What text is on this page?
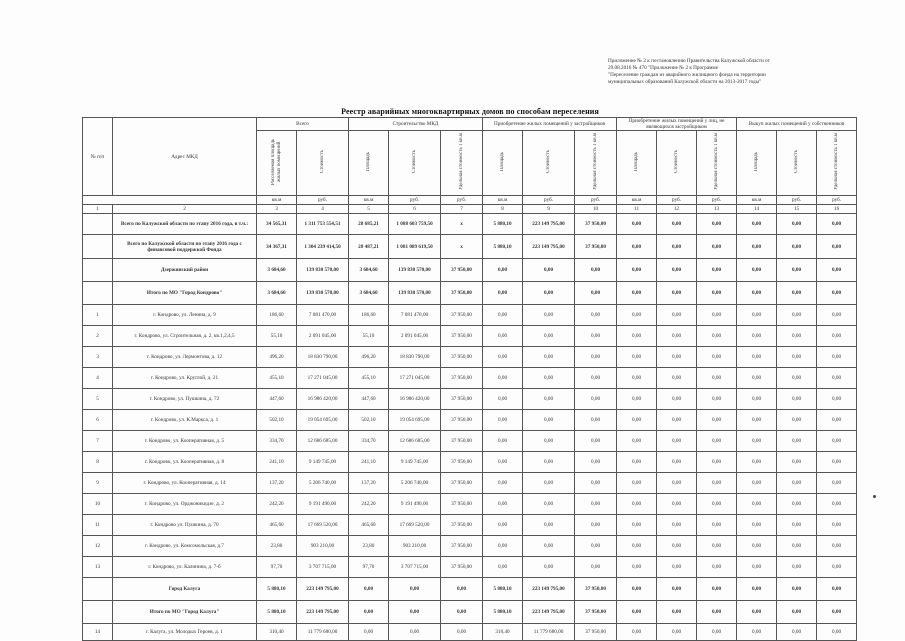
Приложение № 2 к постановлению Правительства Калужской области от
29.08.2016 № 470 "Приложение № 2 к Программе
"Переселение граждан из аварийного жилищного фонда на территории
муниципальных образований Калужской области на 2013-2017 годы"
Реестр аварийных многоквартирных домов по способам переселения
№ п/п	Адрес МКД	Всего		Строительство МКД			Приобретение жилых помещений у застройщиков			Приобретение жилых помещений у лиц, не являющихся застройщиком			Выкуп жилых помещений у собственников		
		Расселяемая площадь жилых помещений	Стоимость	Площадь	Стоимость	Удельная стоимость 1 кв.м	Площадь	Стоимость	Удельная стоимость 1 кв.м	Площадь	Стоимость	Удельная стоимость 1 кв.м	Площадь	Стоимость	Удельная стоимость 1 кв.м
		кв.м	руб.	кв.м	руб.	руб.	кв.м	руб.	руб.	кв.м	руб.	руб.	кв.м	руб.	руб.
1	2	3	4	5	6	7	8	9	10	11	12	13	14	15	16
	Всего по Калужской области по этапу 2016 года, в т.ч.:	34 565,31	1 311 753 554,51	28 685,21	1 088 603 759,50	х	5 880,10	223 149 795,00	37 950,00	0,00	0,00	0,00	0,00	0,00	0,00
	Всего по Калужской области по этапу 2016 года с финансовой поддержкой Фонда	34 367,31	1 304 239 414,50	28 487,21	1 081 089 619,50	х	5 880,10	223 149 795,00	37 950,00	0,00	0,00	0,00	0,00	0,00	0,00
	Дзержинский район	3 684,60	139 830 570,00	3 684,60	139 830 570,00	37 950,00	0,00	0,00	0,00	0,00	0,00	0,00	0,00	0,00	0,00
	Итого по МО "Город Кондрово"	3 684,60	139 830 570,00	3 684,60	139 830 570,00	37 950,00	0,00	0,00	0,00	0,00	0,00	0,00	0,00	0,00	0,00
1	г. Кондрово, ул. Ленина, д. 9	186,60	7 081 470,00	186,60	7 081 470,00	37 950,00	0,00	0,00	0,00	0,00	0,00	0,00	0,00	0,00	0,00
2	г. Кондрово, ул. Строительная, д. 2, кв.1,2,4,5	55,10	2 091 045,00	55,10	2 091 045,00	37 950,00	0,00	0,00	0,00	0,00	0,00	0,00	0,00	0,00	0,00
3	г. Кондрово, ул. Лермонтова, д. 12	496,20	18 830 790,00	496,20	18 830 790,00	37 950,00	0,00	0,00	0,00	0,00	0,00	0,00	0,00	0,00	0,00
4	г. Кондрово, ул. Круглой, д. 21	455,10	17 271 045,00	455,10	17 271 045,00	37 950,00	0,00	0,00	0,00	0,00	0,00	0,00	0,00	0,00	0,00
5	г. Кондрово, ул. Пушкина, д. 72	447,60	16 986 420,00	447,60	16 986 420,00	37 950,00	0,00	0,00	0,00	0,00	0,00	0,00	0,00	0,00	0,00
6	г. Кондрово, ул. К.Маркса, д. 1	502,10	19 054 695,00	502,10	19 054 695,00	37 950,00	0,00	0,00	0,00	0,00	0,00	0,00	0,00	0,00	0,00
7	г. Кондрово, ул. Кооперативная, д. 5	334,70	12 686 685,00	334,70	12 686 685,00	37 950,00	0,00	0,00	0,00	0,00	0,00	0,00	0,00	0,00	0,00
8	г. Кондрово, ул. Кооперативная, д. 8	241,10	9 149 745,00	241,10	9 149 745,00	37 950,00	0,00	0,00	0,00	0,00	0,00	0,00	0,00	0,00	0,00
9	г. Кондрово, ул. Кооперативная, д. 14	137,20	5 206 740,00	137,20	5 206 740,00	37 950,00	0,00	0,00	0,00	0,00	0,00	0,00	0,00	0,00	0,00
10	г. Кондрово, ул. Орджоникидзе, д. 2	242,20	9 191 490,00	242,20	9 191 490,00	37 950,00	0,00	0,00	0,00	0,00	0,00	0,00	0,00	0,00	0,00
11	г. Кондрово ул. Пушкина, д. 70	465,60	17 669 520,00	465,60	17 669 520,00	37 950,00	0,00	0,00	0,00	0,00	0,00	0,00	0,00	0,00	0,00
12	г. Кондрово, ул. Комсомольская, д.7	23,80	903 210,00	23,80	903 210,00	37 950,00	0,00	0,00	0,00	0,00	0,00	0,00	0,00	0,00	0,00
13	г. Кондрово, ул. Калинина, д. 7-б	97,70	3 707 715,00	97,70	3 707 715,00	37 950,00	0,00	0,00	0,00	0,00	0,00	0,00	0,00	0,00	0,00
	Город Калуга	5 880,10	223 149 795,00	0,00	0,00	0,00	5 880,10	223 149 795,00	37 950,00	0,00	0,00	0,00	0,00	0,00	0,00
	Итого по МО "Город Калуга"	5 880,10	223 149 795,00	0,00	0,00	0,00	5 880,10	223 149 795,00	37 950,00	0,00	0,00	0,00	0,00	0,00	0,00
14	г. Калуга, ул. Молодых Героев, д. 1	310,40	11 779 680,00	0,00	0,00	0,00	310,40	11 779 680,00	37 950,00	0,00	0,00	0,00	0,00	0,00	0,00
